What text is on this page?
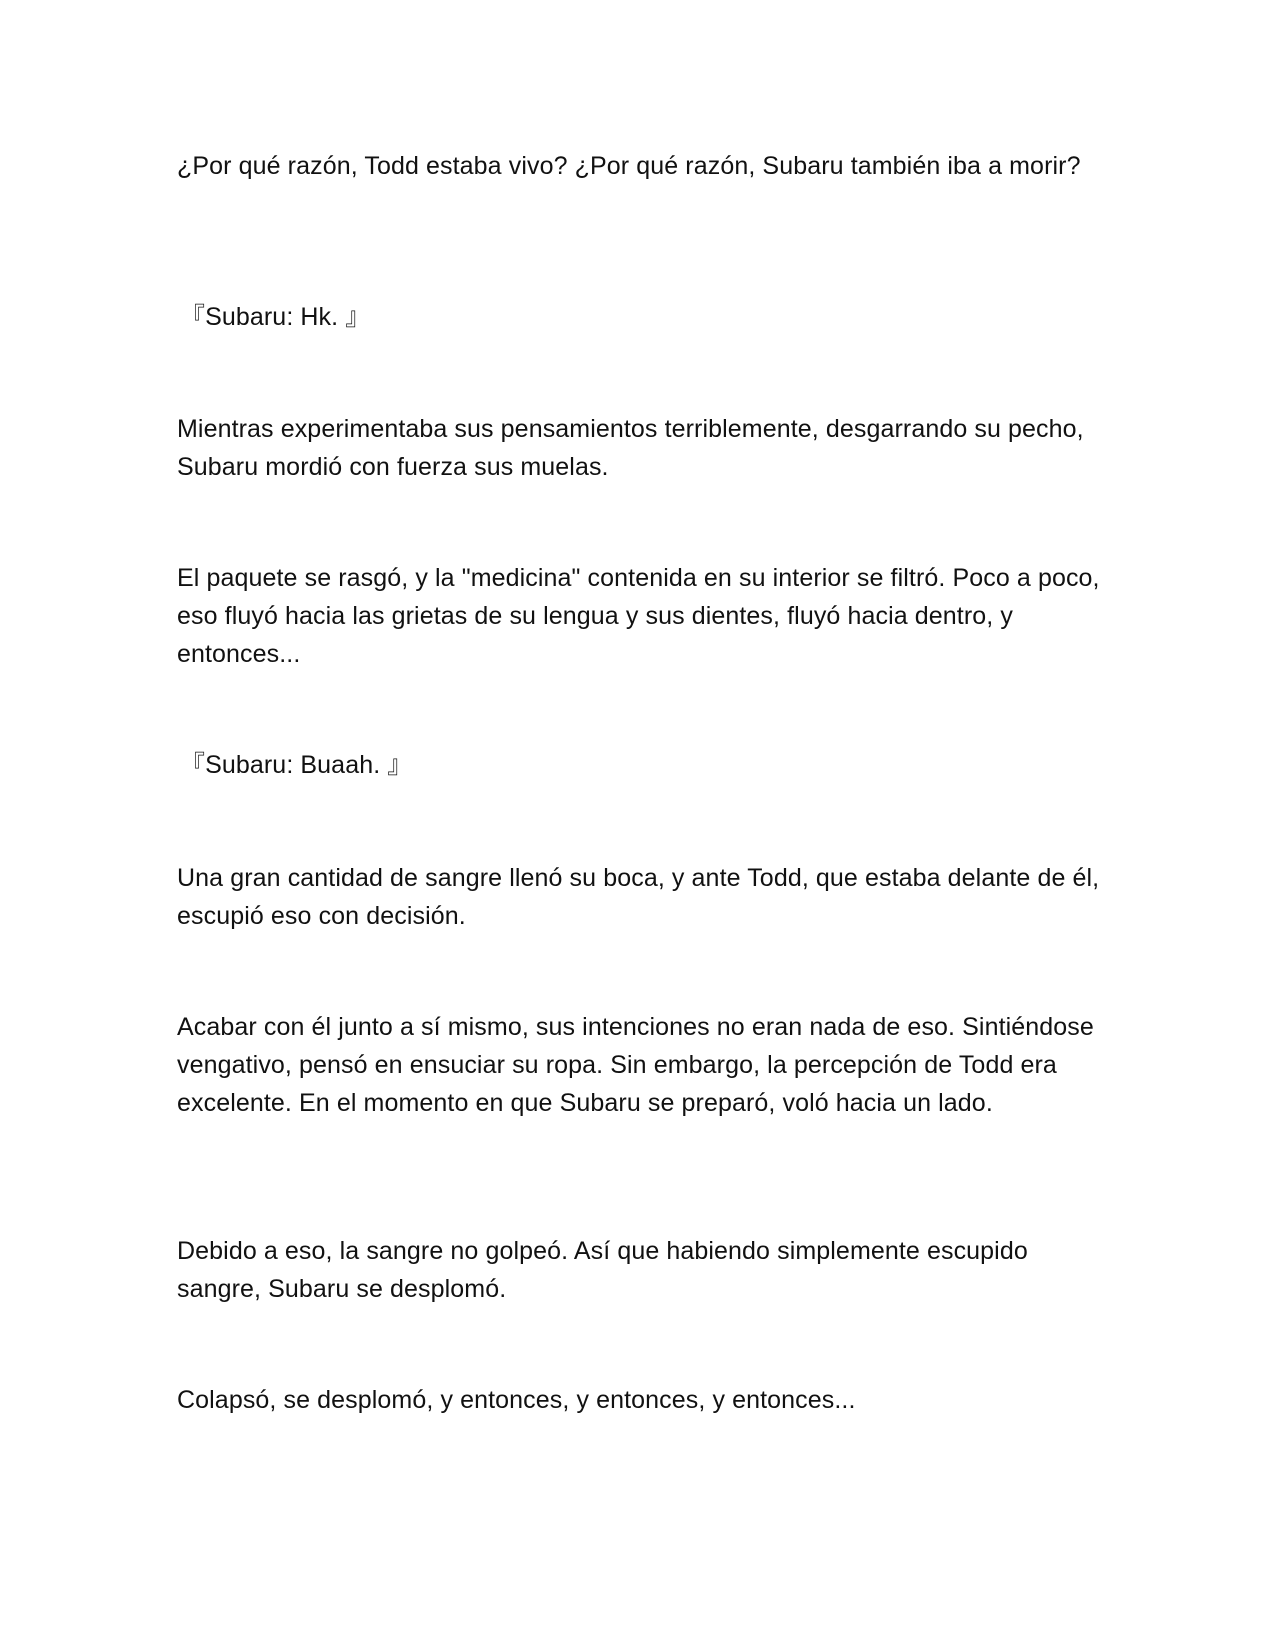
¿Por qué razón, Todd estaba vivo? ¿Por qué razón, Subaru también iba a morir?

『Subaru: Hk. 』

Mientras experimentaba sus pensamientos terriblemente, desgarrando su pecho, Subaru mordió con fuerza sus muelas.

El paquete se rasgó, y la "medicina" contenida en su interior se filtró. Poco a poco, eso fluyó hacia las grietas de su lengua y sus dientes, fluyó hacia dentro, y entonces...

『Subaru: Buaah. 』

Una gran cantidad de sangre llenó su boca, y ante Todd, que estaba delante de él, escupió eso con decisión.

Acabar con él junto a sí mismo, sus intenciones no eran nada de eso. Sintiéndose vengativo, pensó en ensuciar su ropa. Sin embargo, la percepción de Todd era excelente. En el momento en que Subaru se preparó, voló hacia un lado.

Debido a eso, la sangre no golpeó. Así que habiendo simplemente escupido sangre, Subaru se desplomó.

Colapsó, se desplomó, y entonces, y entonces, y entonces...
